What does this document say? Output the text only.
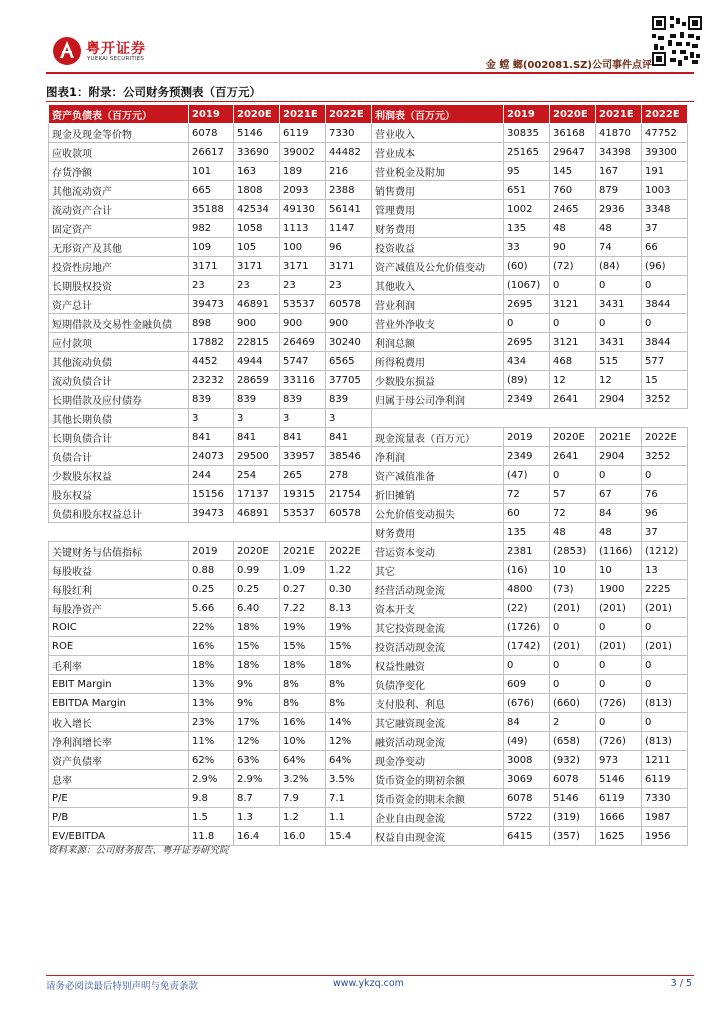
粤开证券
YUEKAI SECURITIES
金 螳 螂(002081.SZ)公司事件点评
图表1：附录：公司财务预测表（百万元）
资产负债表（百万元）	2019	2020E	2021E	2022E	利润表（百万元）	2019	2020E	2021E	2022E
现金及现金等价物	6078	5146	6119	7330	营业收入	30835	36168	41870	47752
应收款项	26617	33690	39002	44482	营业成本	25165	29647	34398	39300
存货净额	101	163	189	216	营业税金及附加	95	145	167	191
其他流动资产	665	1808	2093	2388	销售费用	651	760	879	1003
流动资产合计	35188	42534	49130	56141	管理费用	1002	2465	2936	3348
固定资产	982	1058	1113	1147	财务费用	135	48	48	37
无形资产及其他	109	105	100	96	投资收益	33	90	74	66
投资性房地产	3171	3171	3171	3171	资产减值及公允价值变动	(60)	(72)	(84)	(96)
长期股权投资	23	23	23	23	其他收入	(1067)	0	0	0
资产总计	39473	46891	53537	60578	营业利润	2695	3121	3431	3844
短期借款及交易性金融负债	898	900	900	900	营业外净收支	0	0	0	0
应付款项	17882	22815	26469	30240	利润总额	2695	3121	3431	3844
其他流动负债	4452	4944	5747	6565	所得税费用	434	468	515	577
流动负债合计	23232	28659	33116	37705	少数股东损益	(89)	12	12	15
长期借款及应付债券	839	839	839	839	归属于母公司净利润	2349	2641	2904	3252
其他长期负债	3	3	3	3					
长期负债合计	841	841	841	841	现金流量表（百万元）	2019	2020E	2021E	2022E
负债合计	24073	29500	33957	38546	净利润	2349	2641	2904	3252
少数股东权益	244	254	265	278	资产减值准备	(47)	0	0	0
股东权益	15156	17137	19315	21754	折旧摊销	72	57	67	76
负债和股东权益总计	39473	46891	53537	60578	公允价值变动损失	60	72	84	96
					财务费用	135	48	48	37
关键财务与估值指标	2019	2020E	2021E	2022E	营运资本变动	2381	(2853)	(1166)	(1212)
每股收益	0.88	0.99	1.09	1.22	其它	(16)	10	10	13
每股红利	0.25	0.25	0.27	0.30	经营活动现金流	4800	(73)	1900	2225
每股净资产	5.66	6.40	7.22	8.13	资本开支	(22)	(201)	(201)	(201)
ROIC	22%	18%	19%	19%	其它投资现金流	(1726)	0	0	0
ROE	16%	15%	15%	15%	投资活动现金流	(1742)	(201)	(201)	(201)
毛利率	18%	18%	18%	18%	权益性融资	0	0	0	0
EBIT Margin	13%	9%	8%	8%	负债净变化	609	0	0	0
EBITDA Margin	13%	9%	8%	8%	支付股利、利息	(676)	(660)	(726)	(813)
收入增长	23%	17%	16%	14%	其它融资现金流	84	2	0	0
净利润增长率	11%	12%	10%	12%	融资活动现金流	(49)	(658)	(726)	(813)
资产负债率	62%	63%	64%	64%	现金净变动	3008	(932)	973	1211
息率	2.9%	2.9%	3.2%	3.5%	货币资金的期初余额	3069	6078	5146	6119
P/E	9.8	8.7	7.9	7.1	货币资金的期末余额	6078	5146	6119	7330
P/B	1.5	1.3	1.2	1.1	企业自由现金流	5722	(319)	1666	1987
EV/EBITDA	11.8	16.4	16.0	15.4	权益自由现金流	6415	(357)	1625	1956
资料来源：公司财务报告、粤开证券研究院
请务必阅读最后特别声明与免责条款	www.ykzq.com	3 / 5
